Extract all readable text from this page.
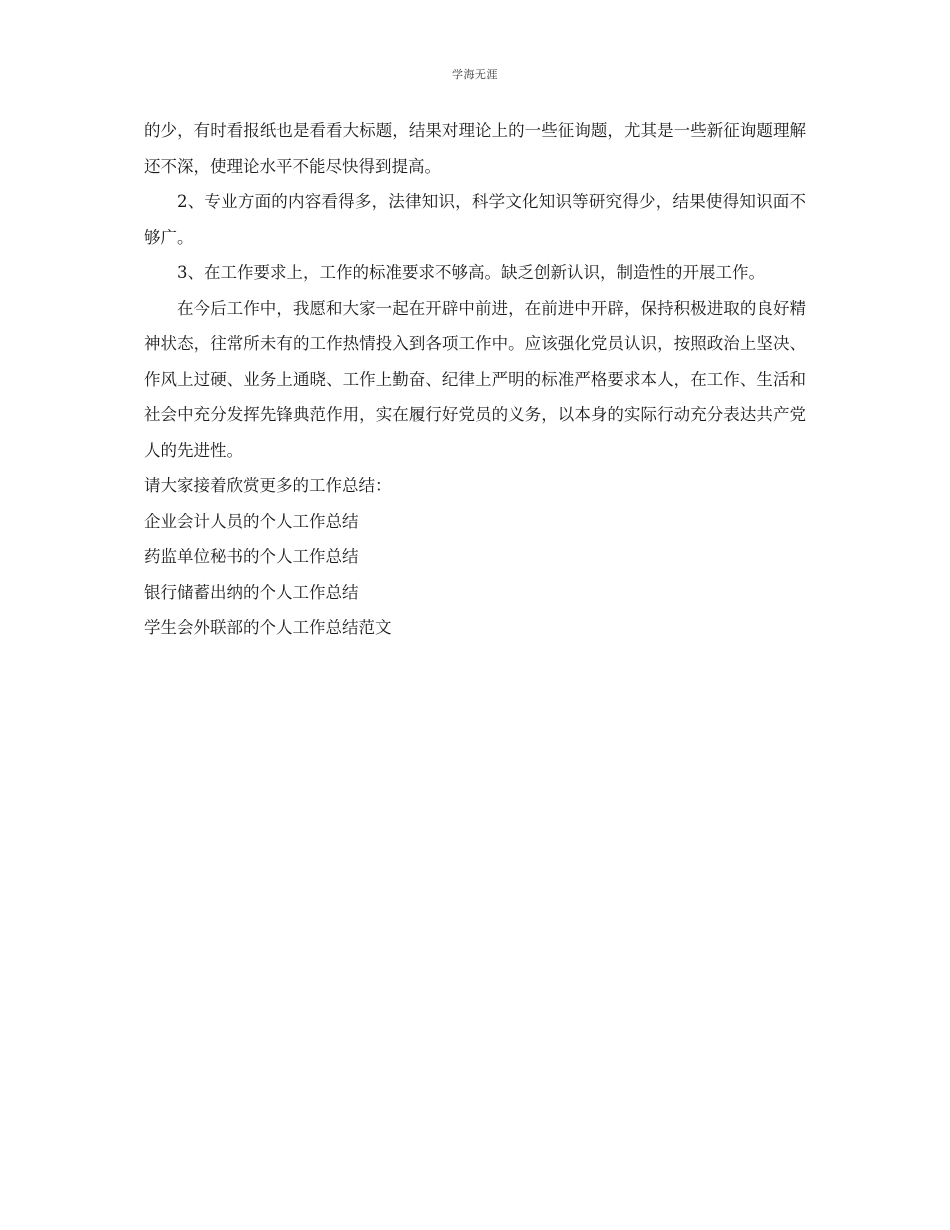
学海无涯

的少，有时看报纸也是看看大标题，结果对理论上的一些征询题，尤其是一些新征询题理解还不深，使理论水平不能尽快得到提高。

2、专业方面的内容看得多，法律知识，科学文化知识等研究得少，结果使得知识面不够广。

3、在工作要求上，工作的标准要求不够高。缺乏创新认识，制造性的开展工作。

在今后工作中，我愿和大家一起在开辟中前进，在前进中开辟，保持积极进取的良好精神状态，往常所未有的工作热情投入到各项工作中。应该强化党员认识，按照政治上坚决、作风上过硬、业务上通晓、工作上勤奋、纪律上严明的标准严格要求本人，在工作、生活和社会中充分发挥先锋典范作用，实在履行好党员的义务，以本身的实际行动充分表达共产党人的先进性。

请大家接着欣赏更多的工作总结：

企业会计人员的个人工作总结

药监单位秘书的个人工作总结

银行储蓄出纳的个人工作总结

学生会外联部的个人工作总结范文
